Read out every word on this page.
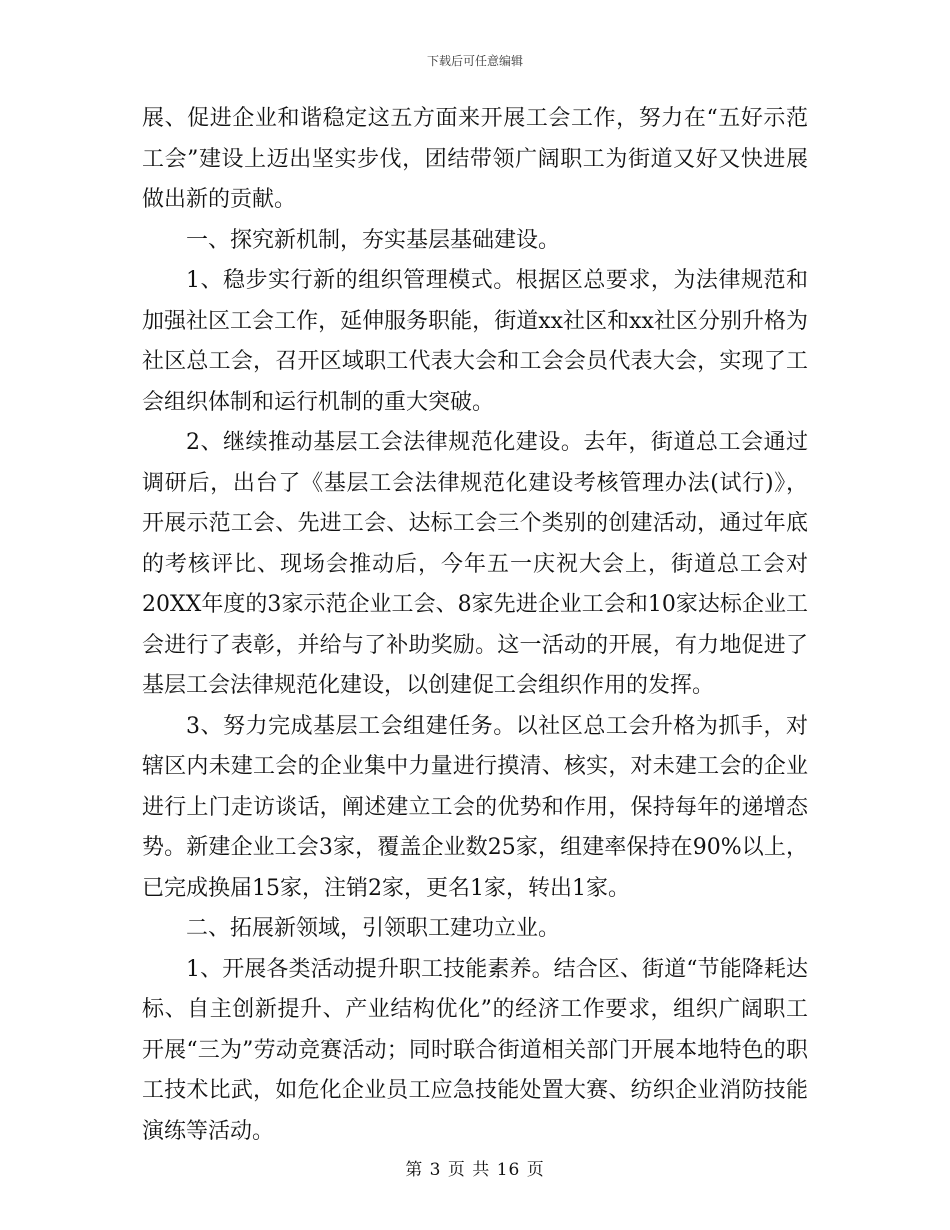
下载后可任意编辑

展、促进企业和谐稳定这五方面来开展工会工作，努力在“五好示范工会”建设上迈出坚实步伐，团结带领广阔职工为街道又好又快进展做出新的贡献。

一、探究新机制，夯实基层基础建设。

1、稳步实行新的组织管理模式。根据区总要求，为法律规范和加强社区工会工作，延伸服务职能，街道xx社区和xx社区分别升格为社区总工会，召开区域职工代表大会和工会会员代表大会，实现了工会组织体制和运行机制的重大突破。

2、继续推动基层工会法律规范化建设。去年，街道总工会通过调研后，出台了《基层工会法律规范化建设考核管理办法(试行)》，开展示范工会、先进工会、达标工会三个类别的创建活动，通过年底的考核评比、现场会推动后，今年五一庆祝大会上，街道总工会对20XX年度的3家示范企业工会、8家先进企业工会和10家达标企业工会进行了表彰，并给与了补助奖励。这一活动的开展，有力地促进了基层工会法律规范化建设，以创建促工会组织作用的发挥。

3、努力完成基层工会组建任务。以社区总工会升格为抓手，对辖区内未建工会的企业集中力量进行摸清、核实，对未建工会的企业进行上门走访谈话，阐述建立工会的优势和作用，保持每年的递增态势。新建企业工会3家，覆盖企业数25家，组建率保持在90%以上，已完成换届15家，注销2家，更名1家，转出1家。

二、拓展新领域，引领职工建功立业。

1、开展各类活动提升职工技能素养。结合区、街道“节能降耗达标、自主创新提升、产业结构优化”的经济工作要求，组织广阔职工开展“三为”劳动竞赛活动；同时联合街道相关部门开展本地特色的职工技术比武，如危化企业员工应急技能处置大赛、纺织企业消防技能演练等活动。

第 3 页 共 16 页
